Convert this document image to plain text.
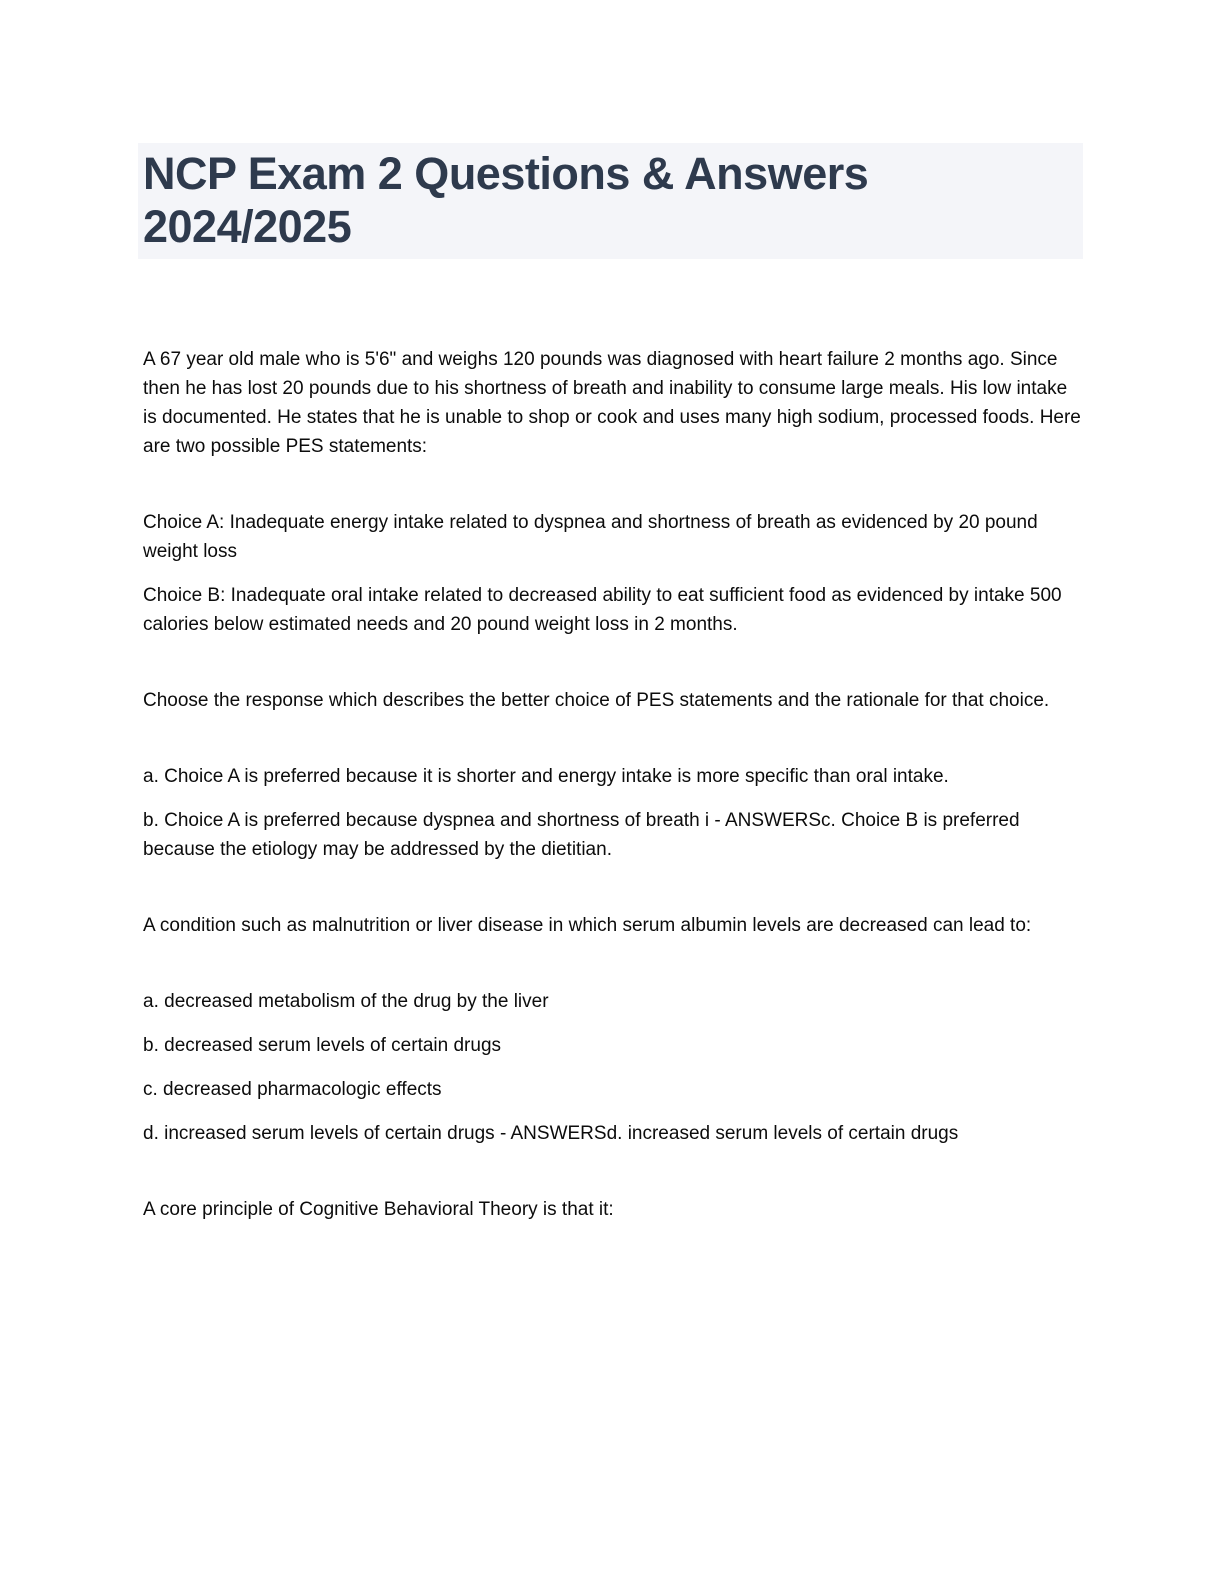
NCP Exam 2 Questions & Answers
2024/2025

A 67 year old male who is 5'6" and weighs 120 pounds was diagnosed with heart failure 2 months ago. Since then he has lost 20 pounds due to his shortness of breath and inability to consume large meals. His low intake is documented. He states that he is unable to shop or cook and uses many high sodium, processed foods. Here are two possible PES statements:

Choice A: Inadequate energy intake related to dyspnea and shortness of breath as evidenced by 20 pound weight loss

Choice B: Inadequate oral intake related to decreased ability to eat sufficient food as evidenced by intake 500 calories below estimated needs and 20 pound weight loss in 2 months.

Choose the response which describes the better choice of PES statements and the rationale for that choice.

a. Choice A is preferred because it is shorter and energy intake is more specific than oral intake.

b. Choice A is preferred because dyspnea and shortness of breath i - ANSWERSc. Choice B is preferred because the etiology may be addressed by the dietitian.

A condition such as malnutrition or liver disease in which serum albumin levels are decreased can lead to:

a. decreased metabolism of the drug by the liver

b. decreased serum levels of certain drugs

c. decreased pharmacologic effects

d. increased serum levels of certain drugs - ANSWERSd. increased serum levels of certain drugs

A core principle of Cognitive Behavioral Theory is that it:
